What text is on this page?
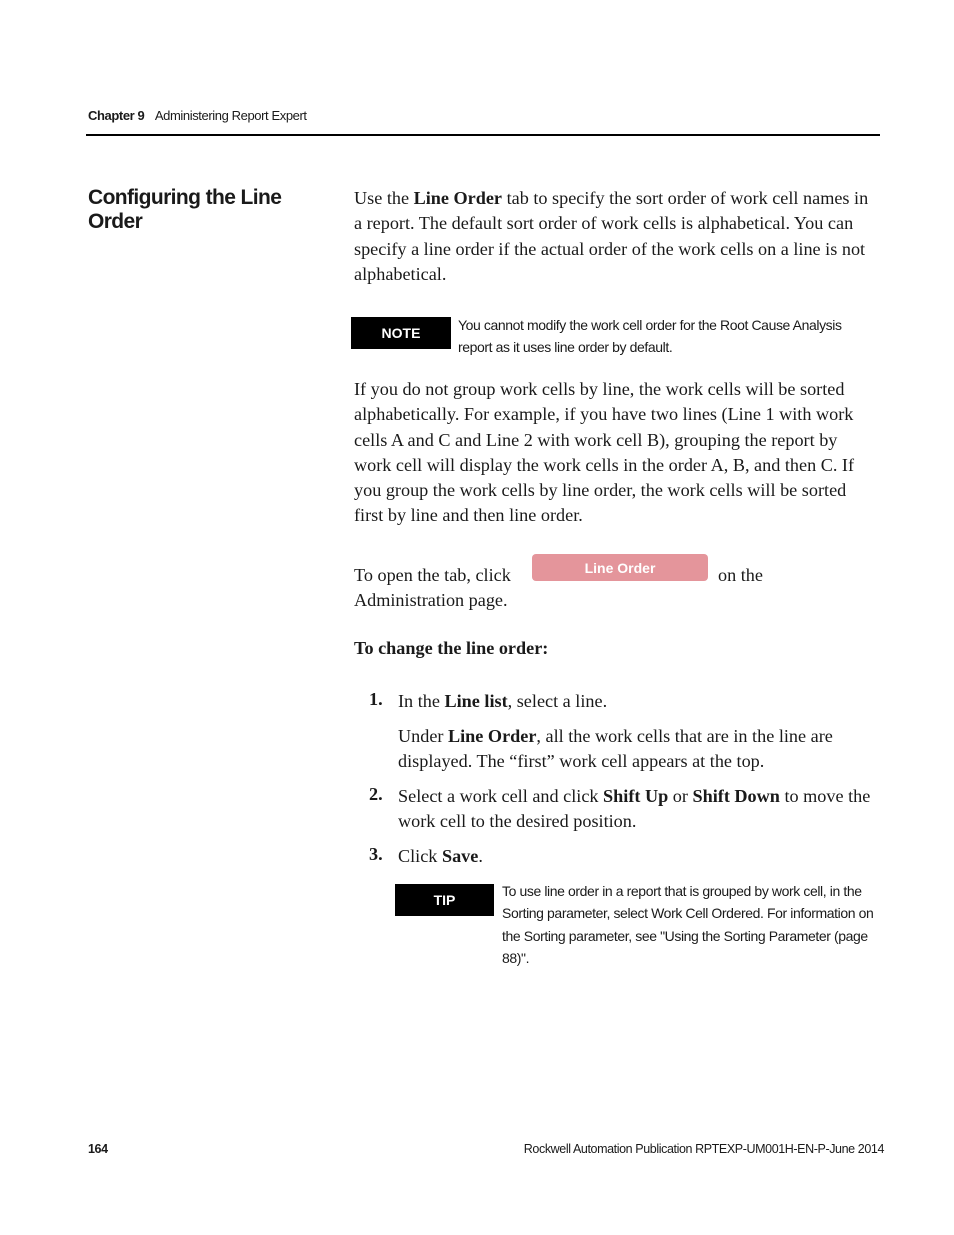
Chapter 9 Administering Report Expert
Configuring the Line Order

Use the Line Order tab to specify the sort order of work cell names in a report. The default sort order of work cells is alphabetical. You can specify a line order if the actual order of the work cells on a line is not alphabetical.

NOTE	You cannot modify the work cell order for the Root Cause Analysis report as it uses line order by default.

If you do not group work cells by line, the work cells will be sorted alphabetically. For example, if you have two lines (Line 1 with work cells A and C and Line 2 with work cell B), grouping the report by work cell will display the work cells in the order A, B, and then C. If you group the work cells by line order, the work cells will be sorted first by line and then line order.

To open the tab, click	Line Order	on the
Administration page.

To change the line order:

1. In the Line list, select a line.

Under Line Order, all the work cells that are in the line are displayed. The “first” work cell appears at the top.

2. Select a work cell and click Shift Up or Shift Down to move the work cell to the desired position.

3. Click Save.

TIP

To use line order in a report that is grouped by work cell, in the Sorting parameter, select Work Cell Ordered. For information on the Sorting parameter, see "Using the Sorting Parameter (page 88)".

164	Rockwell Automation Publication RPTEXP-UM001H-EN-P-June 2014
